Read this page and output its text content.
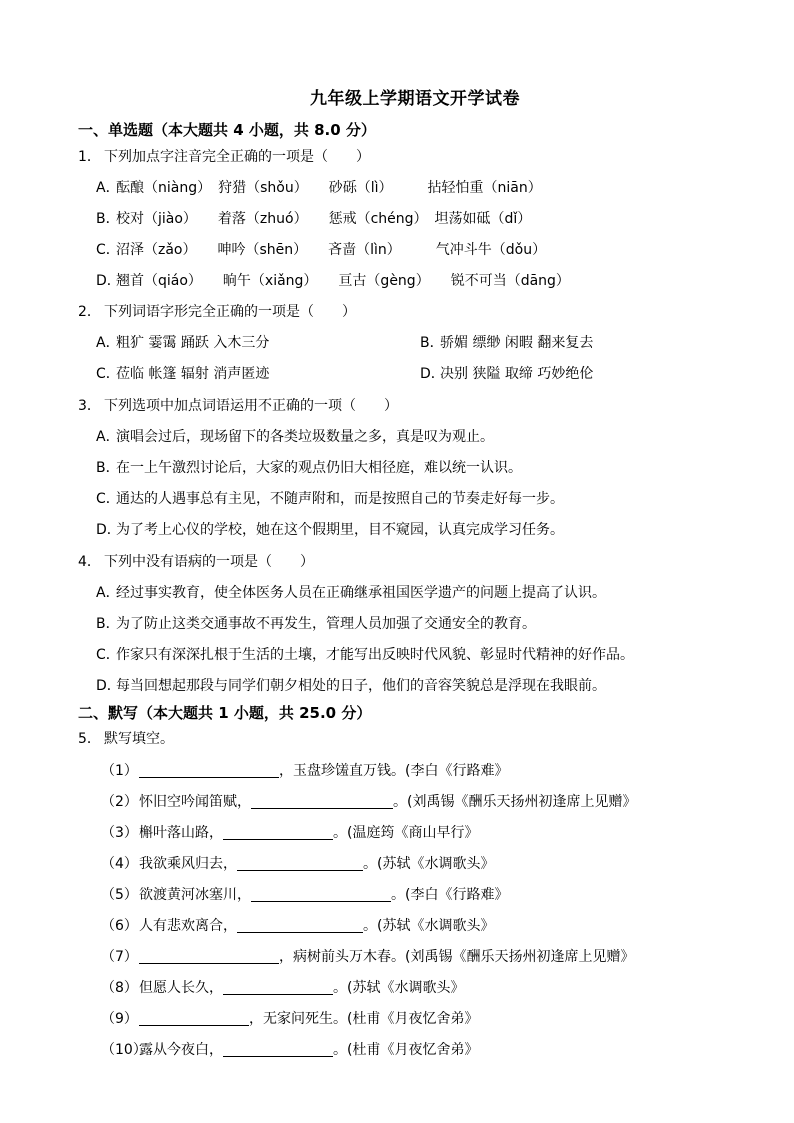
九年级上学期语文开学试卷
一、单选题（本大题共 4 小题，共 8.0 分）
1． 下列加点字注音完全正确的一项是（　　）
A．酝酿（niàng）　狩猎（shǒu）　　砂砾（lì）　　　拈轻怕重（niān）
B．校对（jiào）　　着落（zhuó）　　惩戒（chéng）　坦荡如砥（dǐ）
C．沼泽（zǎo）　　呻吟（shēn）　　吝啬（lìn）　　　气冲斗牛（dǒu）
D．翘首（qiáo）　　晌午（xiǎng）　　亘古（gèng）　　锐不可当（dāng）
2． 下列词语字形完全正确的一项是（　　）
A．粗犷 霎霭 踊跃 入木三分	B．骄媚 缥缈 闲暇 翻来复去
C．莅临 帐篷 辐射 消声匿迹	D．决别 狭隘 取缔 巧妙绝伦
3． 下列选项中加点词语运用不正确的一项（　　）
A．演唱会过后，现场留下的各类垃圾数量之多，真是叹为观止。
B．在一上午激烈讨论后，大家的观点仍旧大相径庭，难以统一认识。
C．通达的人遇事总有主见，不随声附和，而是按照自己的节奏走好每一步。
D．为了考上心仪的学校，她在这个假期里，目不窥园，认真完成学习任务。
4． 下列中没有语病的一项是（　　）
A．经过事实教育，使全体医务人员在正确继承祖国医学遗产的问题上提高了认识。
B．为了防止这类交通事故不再发生，管理人员加强了交通安全的教育。
C．作家只有深深扎根于生活的土壤，才能写出反映时代风貌、彰显时代精神的好作品。
D．每当回想起那段与同学们朝夕相处的日子，他们的音容笑貌总是浮现在我眼前。
二、默写（本大题共 1 小题，共 25.0 分）
5． 默写填空。
（1）	，玉盘珍馐直万钱。(李白《行路难》
（2）怀旧空吟闻笛赋，	。(刘禹锡《酬乐天扬州初逢席上见赠》
（3）槲叶落山路，	。(温庭筠《商山早行》
（4）我欲乘风归去，	。(苏轼《水调歌头》
（5）欲渡黄河冰塞川，	。(李白《行路难》
（6）人有悲欢离合，	。(苏轼《水调歌头》
（7）	，病树前头万木春。(刘禹锡《酬乐天扬州初逢席上见赠》
（8）但愿人长久，	。(苏轼《水调歌头》
（9）	，无家问死生。(杜甫《月夜忆舍弟》
（10）露从今夜白，	。(杜甫《月夜忆舍弟》
